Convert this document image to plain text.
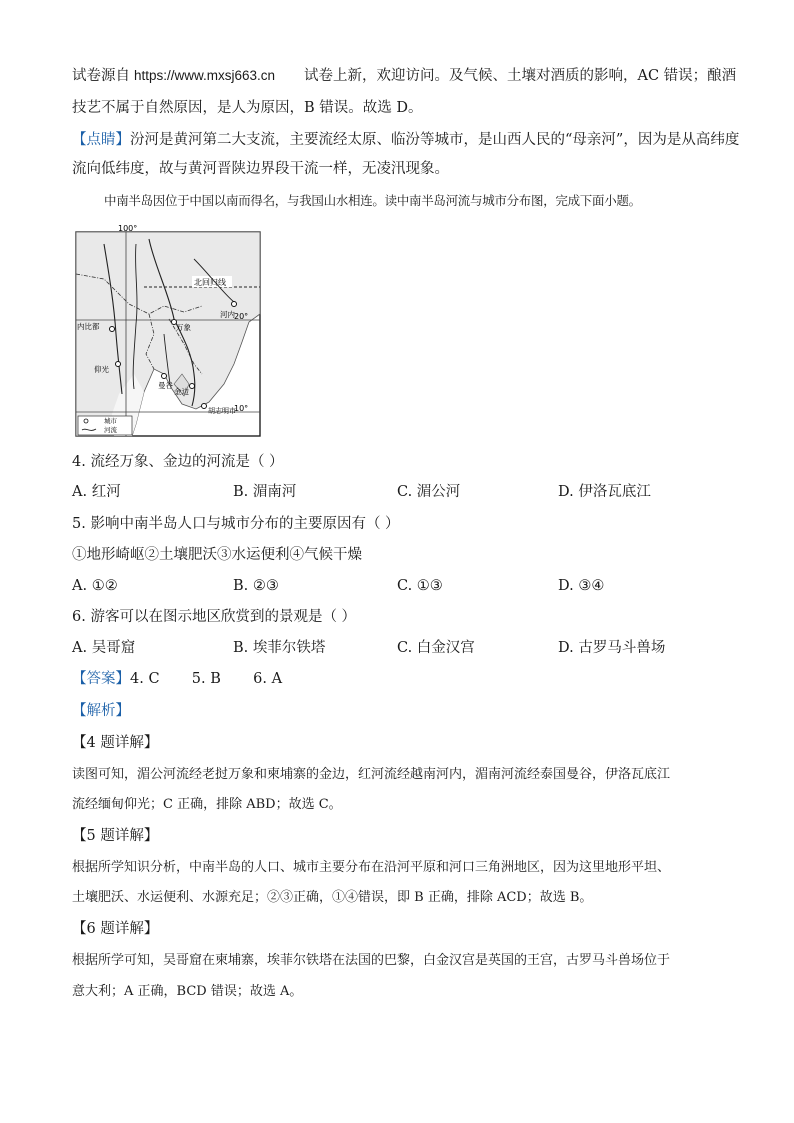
试卷源自 https://www.mxsj663.cn 试卷上新，欢迎访问。及气候、土壤对酒质的影响，AC 错误；酿酒
技艺不属于自然原因，是人为原因，B 错误。故选 D。
【点睛】汾河是黄河第二大支流，主要流经太原、临汾等城市，是山西人民的“母亲河”，因为是从高纬度
流向低纬度，故与黄河晋陕边界段干流一样，无凌汛现象。
中南半岛因位于中国以南而得名，与我国山水相连。读中南半岛河流与城市分布图，完成下面小题。
100°
北回归线
20°
10°
河内
内比都	万象
仰光
曼谷
金边
胡志明市
城市
河流
4. 流经万象、金边的河流是（ ）
A. 红河	B. 湄南河	C. 湄公河	D. 伊洛瓦底江
5. 影响中南半岛人口与城市分布的主要原因有（ ）
①地形崎岖②土壤肥沃③水运便利④气候干燥
A. ①②	B. ②③	C. ①③	D. ③④
6. 游客可以在图示地区欣赏到的景观是（ ）
A. 吴哥窟	B. 埃菲尔铁塔	C. 白金汉宫	D. 古罗马斗兽场
【答案】4. C       5. B       6. A
【解析】
【4 题详解】
读图可知，湄公河流经老挝万象和柬埔寨的金边，红河流经越南河内，湄南河流经泰国曼谷，伊洛瓦底江
流经缅甸仰光；C 正确，排除 ABD；故选 C。
【5 题详解】
根据所学知识分析，中南半岛的人口、城市主要分布在沿河平原和河口三角洲地区，因为这里地形平坦、
土壤肥沃、水运便利、水源充足；②③正确，①④错误，即 B 正确，排除 ACD；故选 B。
【6 题详解】
根据所学可知，吴哥窟在柬埔寨，埃菲尔铁塔在法国的巴黎，白金汉宫是英国的王宫，古罗马斗兽场位于
意大利；A 正确，BCD 错误；故选 A。
